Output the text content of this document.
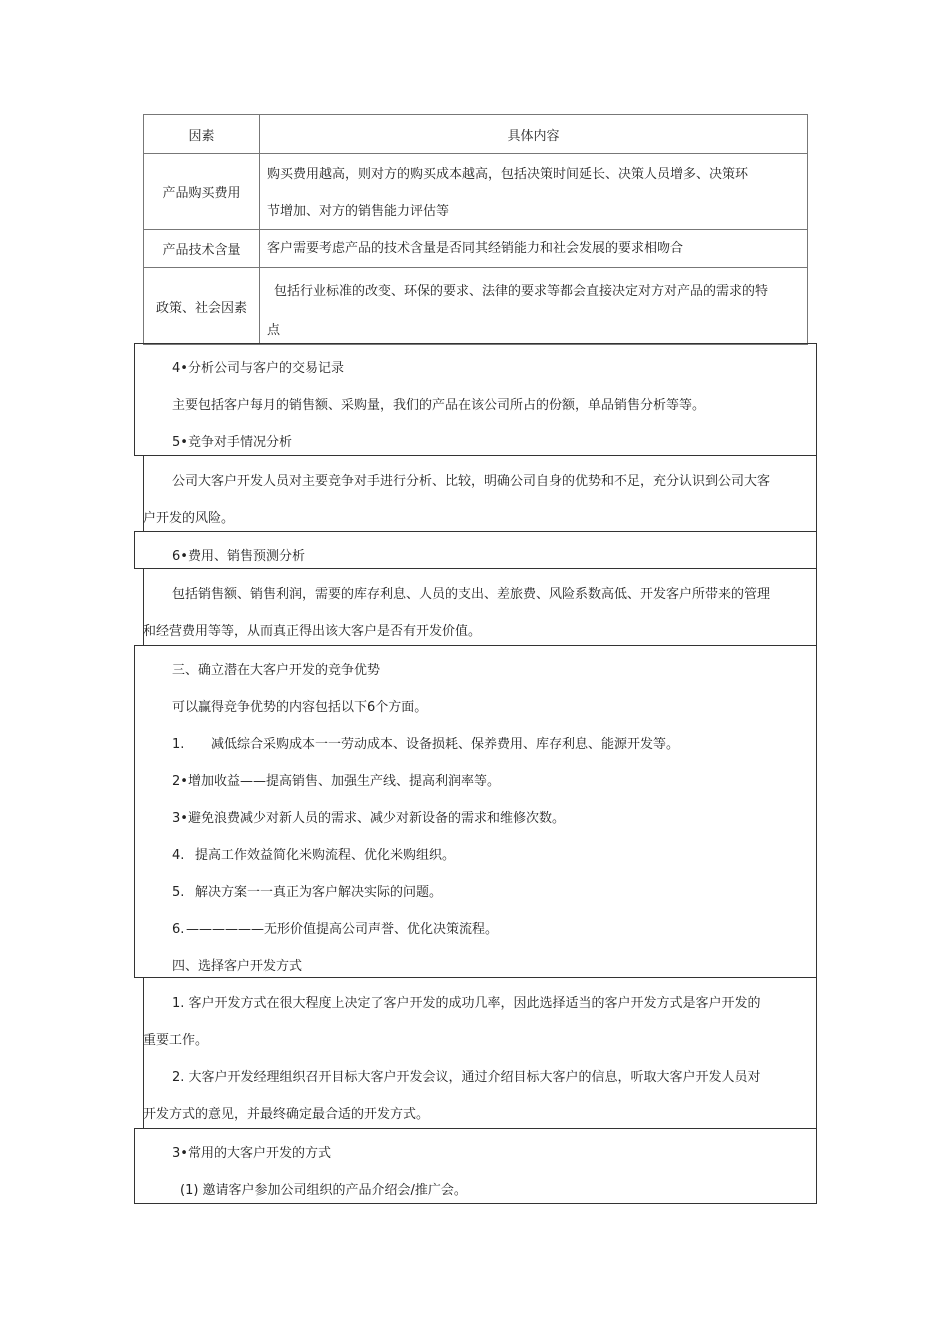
因素	具体内容
产品购买费用
购买费用越高，则对方的购买成本越高，包括决策时间延长、决策人员增多、决策环
节增加、对方的销售能力评估等
产品技术含量	客户需要考虑产品的技术含量是否同其经销能力和社会发展的要求相吻合
政策、社会因素
包括行业标准的改变、环保的要求、法律的要求等都会直接决定对方对产品的需求的特
点
4•分析公司与客户的交易记录
主要包括客户每月的销售额、采购量，我们的产品在该公司所占的份额，单品销售分析等等。
5•竞争对手情况分析
公司大客户开发人员对主要竞争对手进行分析、比较，明确公司自身的优势和不足，充分认识到公司大客
户开发的风险。
6•费用、销售预测分析
包括销售额、销售利润，需要的库存利息、人员的支出、差旅费、风险系数高低、开发客户所带来的管理
和经营费用等等，从而真正得出该大客户是否有开发价值。
三、确立潜在大客户开发的竞争优势
可以赢得竞争优势的内容包括以下6个方面。
1. 减低综合采购成本一一劳动成本、设备损耗、保养费用、库存利息、能源开发等。
2•增加收益——提高销售、加强生产线、提高利润率等。
3•避免浪费减少对新人员的需求、减少对新设备的需求和维修次数。
4. 提高工作效益简化米购流程、优化米购组织。
5. 解决方案一一真正为客户解决实际的问题。
6. ——————无形价值提高公司声誉、优化决策流程。
四、选择客户开发方式
1. 客户开发方式在很大程度上决定了客户开发的成功几率，因此选择适当的客户开发方式是客户开发的
重要工作。
2. 大客户开发经理组织召开目标大客户开发会议，通过介绍目标大客户的信息，听取大客户开发人员对
开发方式的意见，并最终确定最合适的开发方式。
3•常用的大客户开发的方式
(1) 邀请客户参加公司组织的产品介绍会/推广会。
